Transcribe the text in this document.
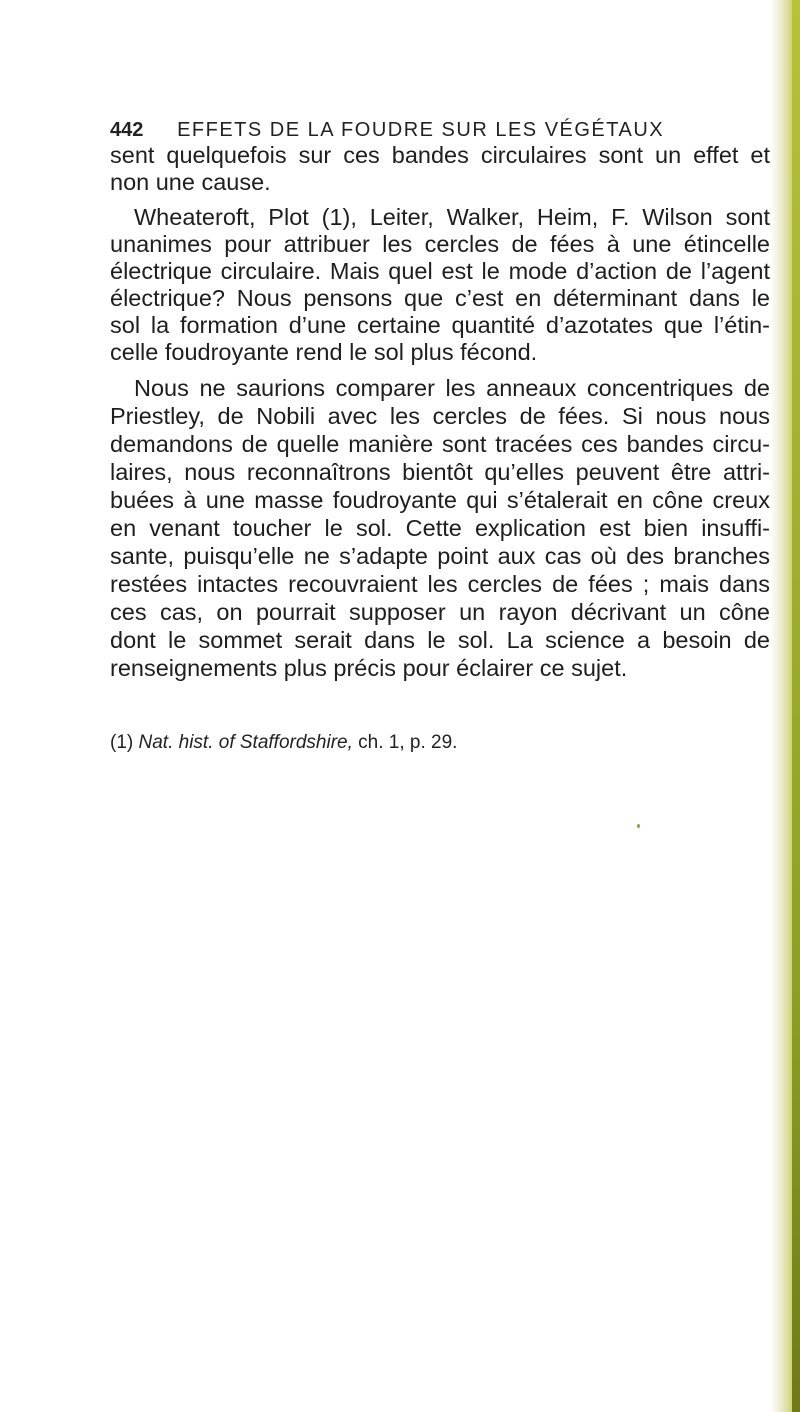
442 EFFETS DE LA FOUDRE SUR LES VÉGÉTAUX
sent quelquefois sur ces bandes circulaires sont un effet et
non une cause.
Wheateroft, Plot (1), Leiter, Walker, Heim, F. Wilson sont
unanimes pour attribuer les cercles de fées à une étincelle
électrique circulaire. Mais quel est le mode d’action de l’agent
électrique? Nous pensons que c’est en déterminant dans le
sol la formation d’une certaine quantité d’azotates que l’étin-
celle foudroyante rend le sol plus fécond.
Nous ne saurions comparer les anneaux concentriques de
Priestley, de Nobili avec les cercles de fées. Si nous nous
demandons de quelle manière sont tracées ces bandes circu-
laires, nous reconnaîtrons bientôt qu’elles peuvent être attri-
buées à une masse foudroyante qui s’étalerait en cône creux
en venant toucher le sol. Cette explication est bien insuffi-
sante, puisqu’elle ne s’adapte point aux cas où des branches
restées intactes recouvraient les cercles de fées ; mais dans
ces cas, on pourrait supposer un rayon décrivant un cône
dont le sommet serait dans le sol. La science a besoin de
renseignements plus précis pour éclairer ce sujet.
(1) Nat. hist. of Staffordshire, ch. 1, p. 29.
